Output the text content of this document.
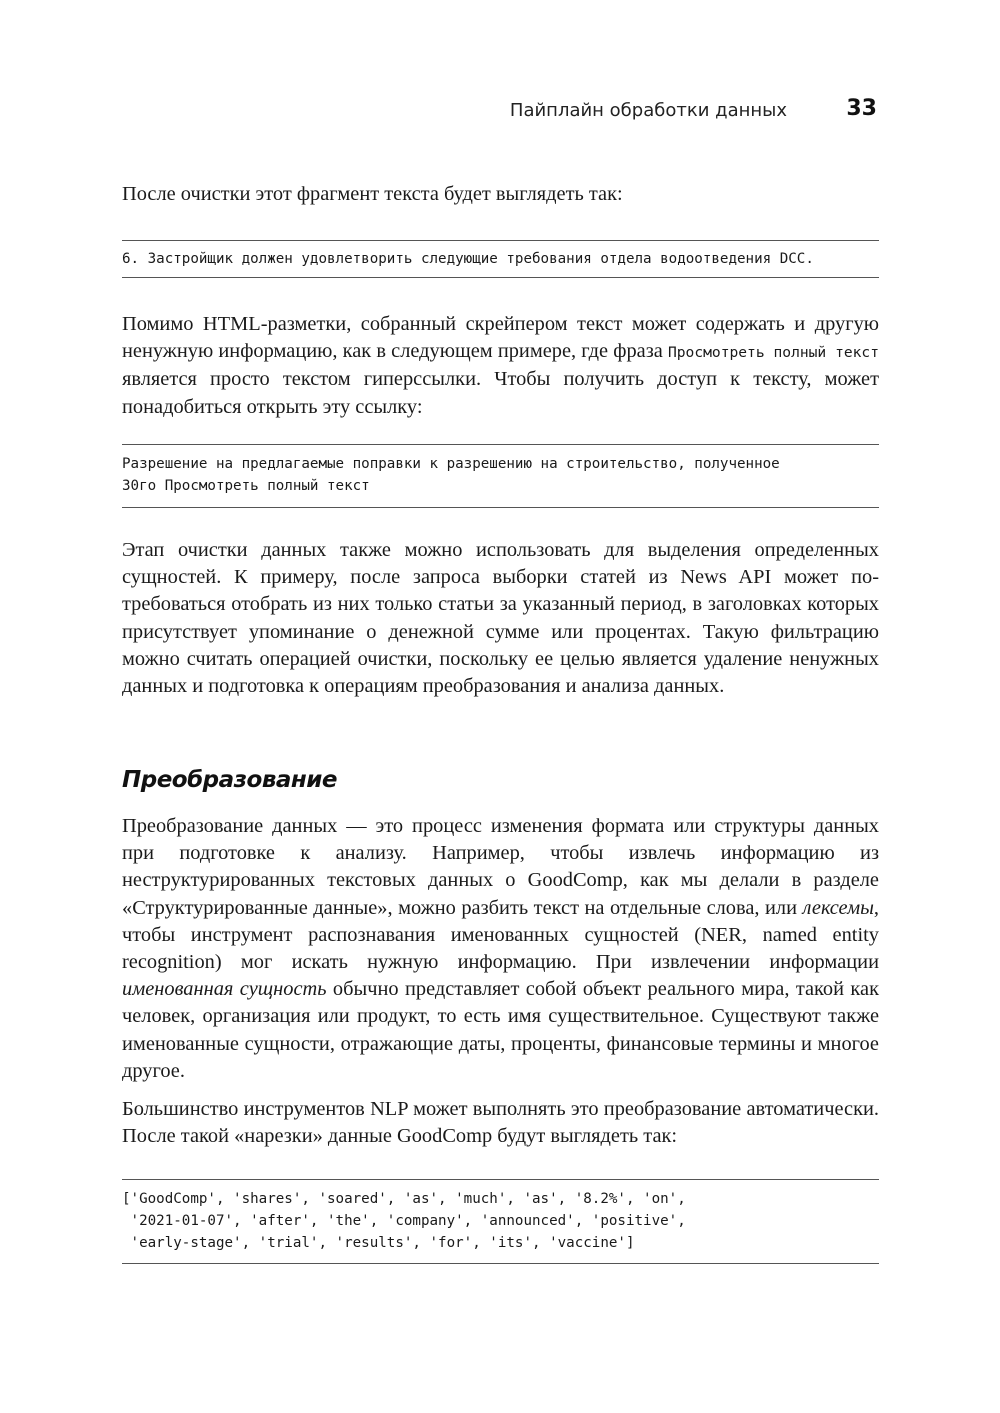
Пайплайн обработки данных	33

После очистки этот фрагмент текста будет выглядеть так:

6. Застройщик должен удовлетворить следующие требования отдела водоотведения DCC.

Помимо HTML-разметки, собранный скрейпером текст может содержать и другую ненужную информацию, как в следующем примере, где фраза Просмотреть полный текст является просто текстом гиперссылки. Чтобы получить доступ к тексту, может понадобиться открыть эту ссылку:

Разрешение на предлагаемые поправки к разрешению на строительство, полученное
30го Просмотреть полный текст

Этап очистки данных также можно использовать для выделения определенных сущностей. К примеру, после запроса выборки статей из News API может потребоваться отобрать из них только статьи за указанный период, в заголовках которых присутствует упоминание о денежной сумме или процентах. Такую фильтрацию можно считать операцией очистки, поскольку ее целью является удаление ненужных данных и подготовка к операциям преобразования и анализа данных.

Преобразование

Преобразование данных — это процесс изменения формата или структуры данных при подготовке к анализу. Например, чтобы извлечь информацию из неструктурированных текстовых данных о GoodComp, как мы делали в разделе «Структурированные данные», можно разбить текст на отдельные слова, или лексемы, чтобы инструмент распознавания именованных сущностей (NER, named entity recognition) мог искать нужную информацию. При извлечении информации именованная сущность обычно представляет собой объект реального мира, такой как человек, организация или продукт, то есть имя существительное. Существуют также именованные сущности, отражающие даты, проценты, финансовые термины и многое другое.

Большинство инструментов NLP может выполнять это преобразование автоматически. После такой «нарезки» данные GoodComp будут выглядеть так:

['GoodComp', 'shares', 'soared', 'as', 'much', 'as', '8.2%', 'on',
'2021-01-07', 'after', 'the', 'company', 'announced', 'positive',
'early-stage', 'trial', 'results', 'for', 'its', 'vaccine']
